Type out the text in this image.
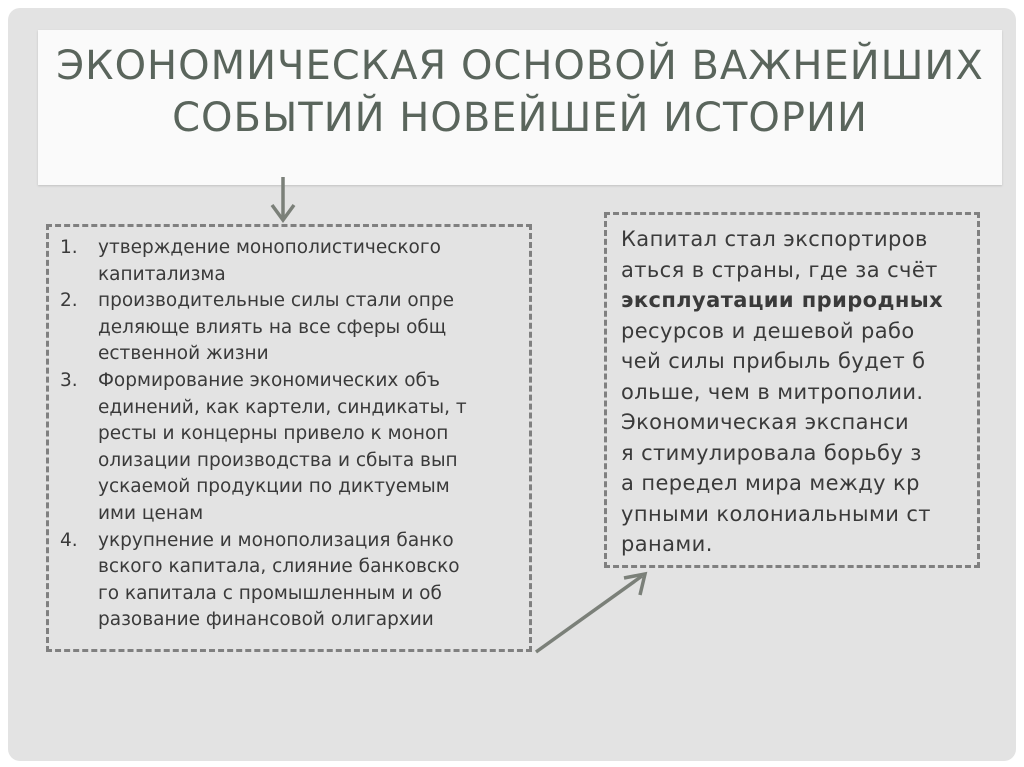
ЭКОНОМИЧЕСКАЯ ОСНОВОЙ ВАЖНЕЙШИХ СОБЫТИЙ НОВЕЙШЕЙ ИСТОРИИ
1.	утверждение монополистического
капитализма
2.	производительные силы стали опре
деляюще влиять на все сферы общ
ественной жизни
3.	Формирование экономических объ
единений, как картели, синдикаты, т
ресты и концерны привело к моноп
олизации производства и сбыта вып
ускаемой продукции по диктуемым
ими ценам
4.	укрупнение и монополизация банко
вского капитала, слияние банковско
го капитала с промышленным и об
разование финансовой олигархии
Капитал стал экспортиров
аться в страны, где за счёт
эксплуатации природных
ресурсов и дешевой рабо
чей силы прибыль будет б
ольше, чем в митрополии.
Экономическая экспанси
я стимулировала борьбу з
а передел мира между кр
упными колониальными ст
ранами.
